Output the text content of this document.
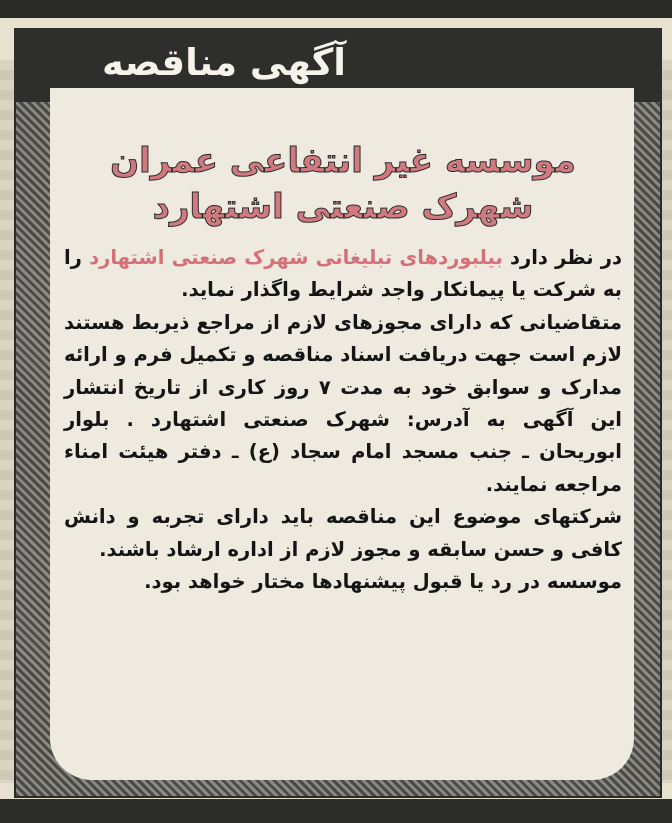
آگهی مناقصه
موسسه غیر انتفاعی عمران
شهرک صنعتی اشتهارد
در نظر دارد بیلبوردهای تبلیغاتی شهرک صنعتی اشتهارد را به شرکت یا پیمانکار واجد شرایط واگذار نماید.
متقاضیانی که دارای مجوزهای لازم از مراجع ذیربط هستند لازم است جهت دریافت اسناد مناقصه و تکمیل فرم و ارائه مدارک و سوابق خود به مدت ۷ روز کاری از تاریخ انتشار این آگهی به آدرس: شهرک صنعتی اشتهارد . بلوار ابوریحان ـ جنب مسجد امام سجاد (ع) ـ دفتر هیئت امناء مراجعه نمایند.
شرکتهای موضوع این مناقصه باید دارای تجربه و دانش کافی و حسن سابقه و مجوز لازم از اداره ارشاد باشند.
موسسه در رد یا قبول پیشنهادها مختار خواهد بود.
